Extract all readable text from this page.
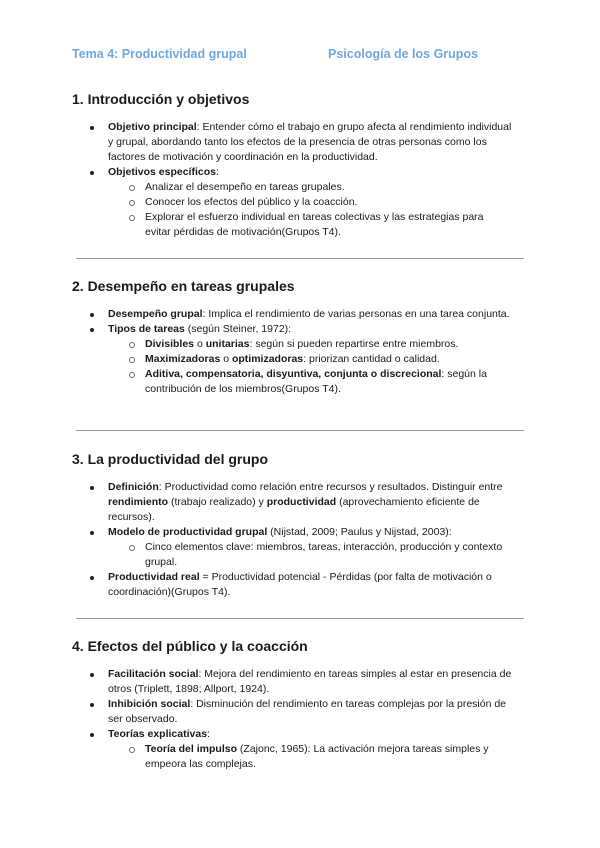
Tema 4: Productividad grupal	Psicología de los Grupos
1. Introducción y objetivos
Objetivo principal: Entender cómo el trabajo en grupo afecta al rendimiento individual y grupal, abordando tanto los efectos de la presencia de otras personas como los factores de motivación y coordinación en la productividad.
Objetivos específicos:
Analizar el desempeño en tareas grupales.
Conocer los efectos del público y la coacción.
Explorar el esfuerzo individual en tareas colectivas y las estrategias para evitar pérdidas de motivación(Grupos T4).
2. Desempeño en tareas grupales
Desempeño grupal: Implica el rendimiento de varias personas en una tarea conjunta.
Tipos de tareas (según Steiner, 1972):
Divisibles o unitarias: según si pueden repartirse entre miembros.
Maximizadoras o optimizadoras: priorizan cantidad o calidad.
Aditiva, compensatoria, disyuntiva, conjunta o discrecional: según la contribución de los miembros(Grupos T4).
3. La productividad del grupo
Definición: Productividad como relación entre recursos y resultados. Distinguir entre rendimiento (trabajo realizado) y productividad (aprovechamiento eficiente de recursos).
Modelo de productividad grupal (Nijstad, 2009; Paulus y Nijstad, 2003):
Cinco elementos clave: miembros, tareas, interacción, producción y contexto grupal.
Productividad real = Productividad potencial - Pérdidas (por falta de motivación o coordinación)(Grupos T4).
4. Efectos del público y la coacción
Facilitación social: Mejora del rendimiento en tareas simples al estar en presencia de otros (Triplett, 1898; Allport, 1924).
Inhibición social: Disminución del rendimiento en tareas complejas por la presión de ser observado.
Teorías explicativas:
Teoría del impulso (Zajonc, 1965): La activación mejora tareas simples y empeora las complejas.
